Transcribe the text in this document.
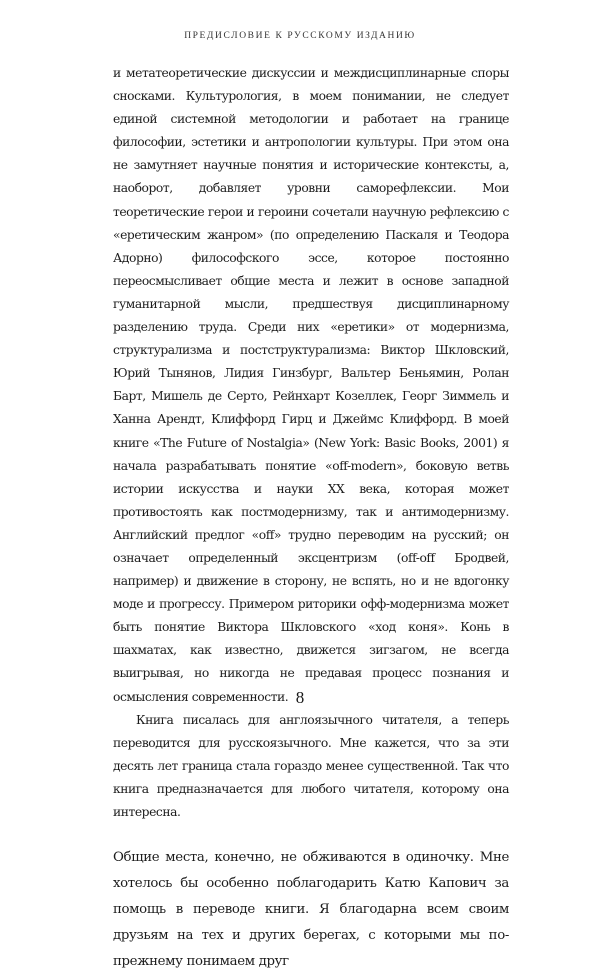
ПРЕДИСЛОВИЕ К РУССКОМУ ИЗДАНИЮ

и метатеоретические дискуссии и междисциплинарные споры сносками. Культурология, в моем понимании, не следует единой системной методологии и работает на границе философии, эстетики и антропологии культуры. При этом она не замутняет научные понятия и исторические контексты, а, наоборот, добавляет уровни саморефлексии. Мои теоретические герои и героини сочетали научную рефлексию с «еретическим жанром» (по определению Паскаля и Теодора Адорно) философского эссе, которое постоянно переосмысливает общие места и лежит в основе западной гуманитарной мысли, предшествуя дисциплинарному разделению труда. Среди них «еретики» от модернизма, структурализма и постструктурализма: Виктор Шкловский, Юрий Тынянов, Лидия Гинзбург, Вальтер Беньямин, Ролан Барт, Мишель де Серто, Рейнхарт Козеллек, Георг Зиммель и Ханна Арендт, Клиффорд Гирц и Джеймс Клиффорд. В моей книге «The Future of Nostalgia» (New York: Basic Books, 2001) я начала разрабатывать понятие «off-modern», боковую ветвь истории искусства и науки XX века, которая может противостоять как постмодернизму, так и антимодернизму. Английский предлог «off» трудно переводим на русский; он означает определенный эксцентризм (off-off Бродвей, например) и движение в сторону, не вспять, но и не вдогонку моде и прогрессу. Примером риторики офф-модернизма может быть понятие Виктора Шкловского «ход коня». Конь в шахматах, как известно, движется зигзагом, не всегда выигрывая, но никогда не предавая процесс познания и осмысления современности.

Книга писалась для англоязычного читателя, а теперь переводится для русскоязычного. Мне кажется, что за эти десять лет граница стала гораздо менее существенной. Так что книга предназначается для любого читателя, которому она интересна.

Общие места, конечно, не обживаются в одиночку. Мне хотелось бы особенно поблагодарить Катю Капович за помощь в переводе книги. Я благодарна всем своим друзьям на тех и других берегах, с которыми мы по-прежнему понимаем друг

8
